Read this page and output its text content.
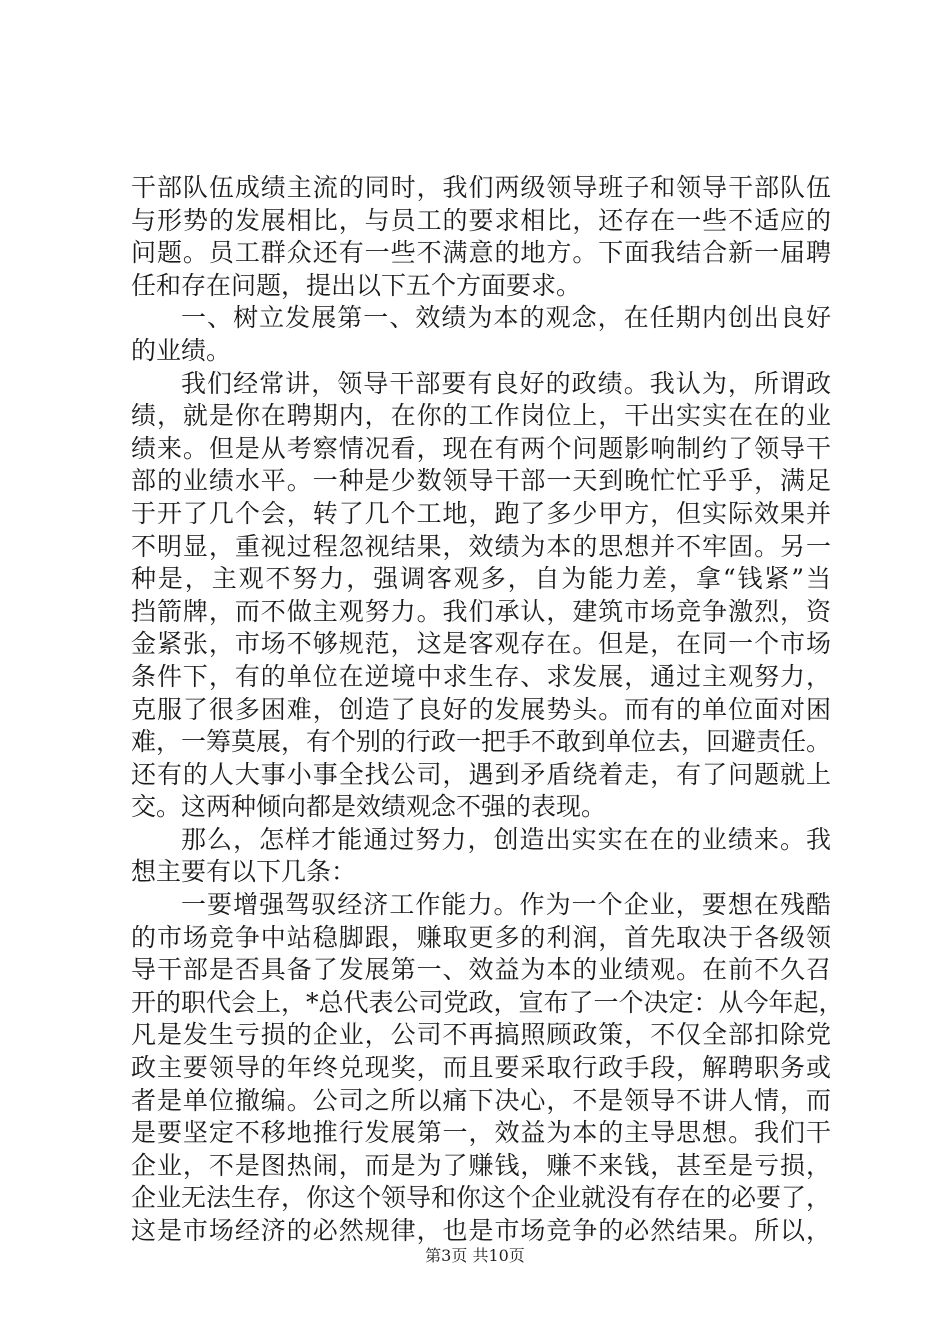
干部队伍成绩主流的同时，我们两级领导班子和领导干部队伍
与形势的发展相比，与员工的要求相比，还存在一些不适应的
问题。员工群众还有一些不满意的地方。下面我结合新一届聘
任和存在问题，提出以下五个方面要求。
一、树立发展第一、效绩为本的观念，在任期内创出良好
的业绩。
我们经常讲，领导干部要有良好的政绩。我认为，所谓政
绩，就是你在聘期内，在你的工作岗位上，干出实实在在的业
绩来。但是从考察情况看，现在有两个问题影响制约了领导干
部的业绩水平。一种是少数领导干部一天到晚忙忙乎乎，满足
于开了几个会，转了几个工地，跑了多少甲方，但实际效果并
不明显，重视过程忽视结果，效绩为本的思想并不牢固。另一
种是，主观不努力，强调客观多，自为能力差，拿“钱紧”当
挡箭牌，而不做主观努力。我们承认，建筑市场竞争激烈，资
金紧张，市场不够规范，这是客观存在。但是，在同一个市场
条件下，有的单位在逆境中求生存、求发展，通过主观努力，
克服了很多困难，创造了良好的发展势头。而有的单位面对困
难，一筹莫展，有个别的行政一把手不敢到单位去，回避责任。
还有的人大事小事全找公司，遇到矛盾绕着走，有了问题就上
交。这两种倾向都是效绩观念不强的表现。
那么，怎样才能通过努力，创造出实实在在的业绩来。我
想主要有以下几条：
一要增强驾驭经济工作能力。作为一个企业，要想在残酷
的市场竞争中站稳脚跟，赚取更多的利润，首先取决于各级领
导干部是否具备了发展第一、效益为本的业绩观。在前不久召
开的职代会上，*总代表公司党政，宣布了一个决定：从今年起，
凡是发生亏损的企业，公司不再搞照顾政策，不仅全部扣除党
政主要领导的年终兑现奖，而且要采取行政手段，解聘职务或
者是单位撤编。公司之所以痛下决心，不是领导不讲人情，而
是要坚定不移地推行发展第一，效益为本的主导思想。我们干
企业，不是图热闹，而是为了赚钱，赚不来钱，甚至是亏损，
企业无法生存，你这个领导和你这个企业就没有存在的必要了，
这是市场经济的必然规律，也是市场竞争的必然结果。所以，
第3页 共10页
